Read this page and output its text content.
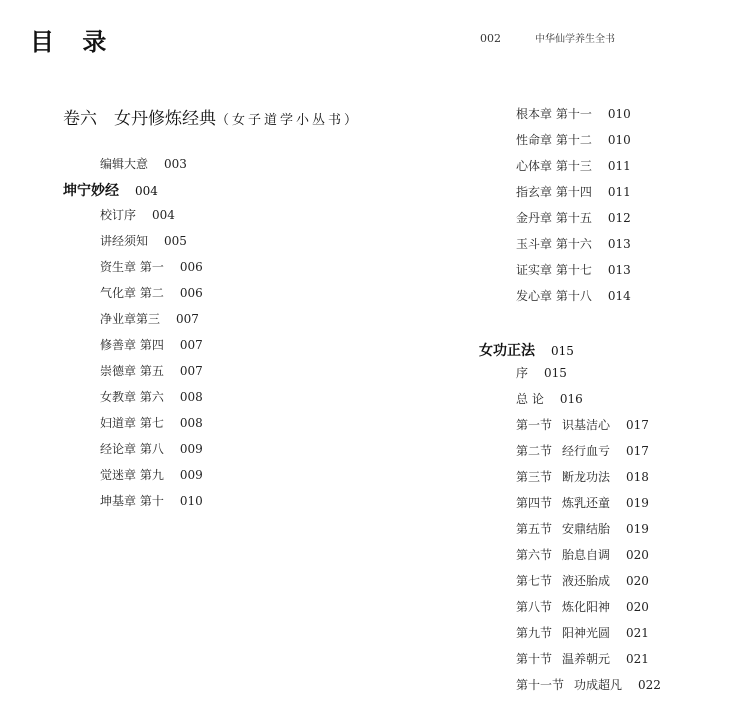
目 录	002	中华仙学养生全书
卷六　女丹修炼经典（女子道学小丛书）
编辑大意 003
坤宁妙经 004
校订序 004
讲经须知 005
资生章 第一 006
气化章 第二 006
净业章第三 007
修善章 第四 007
崇德章 第五 007
女教章 第六 008
妇道章 第七 008
经论章 第八 009
觉迷章 第九 009
坤基章 第十 010
根本章 第十一 010
性命章 第十二 010
心体章 第十三 011
指玄章 第十四 011
金丹章 第十五 012
玉斗章 第十六 013
证实章 第十七 013
发心章 第十八 014
女功正法 015
序 015
总 论 016
第一节 识基洁心 017
第二节 经行血亏 017
第三节 断龙功法 018
第四节 炼乳还童 019
第五节 安鼎结胎 019
第六节 胎息自调 020
第七节 液还胎成 020
第八节 炼化阳神 020
第九节 阳神光圆 021
第十节 温养朝元 021
第十一节 功成超凡 022
